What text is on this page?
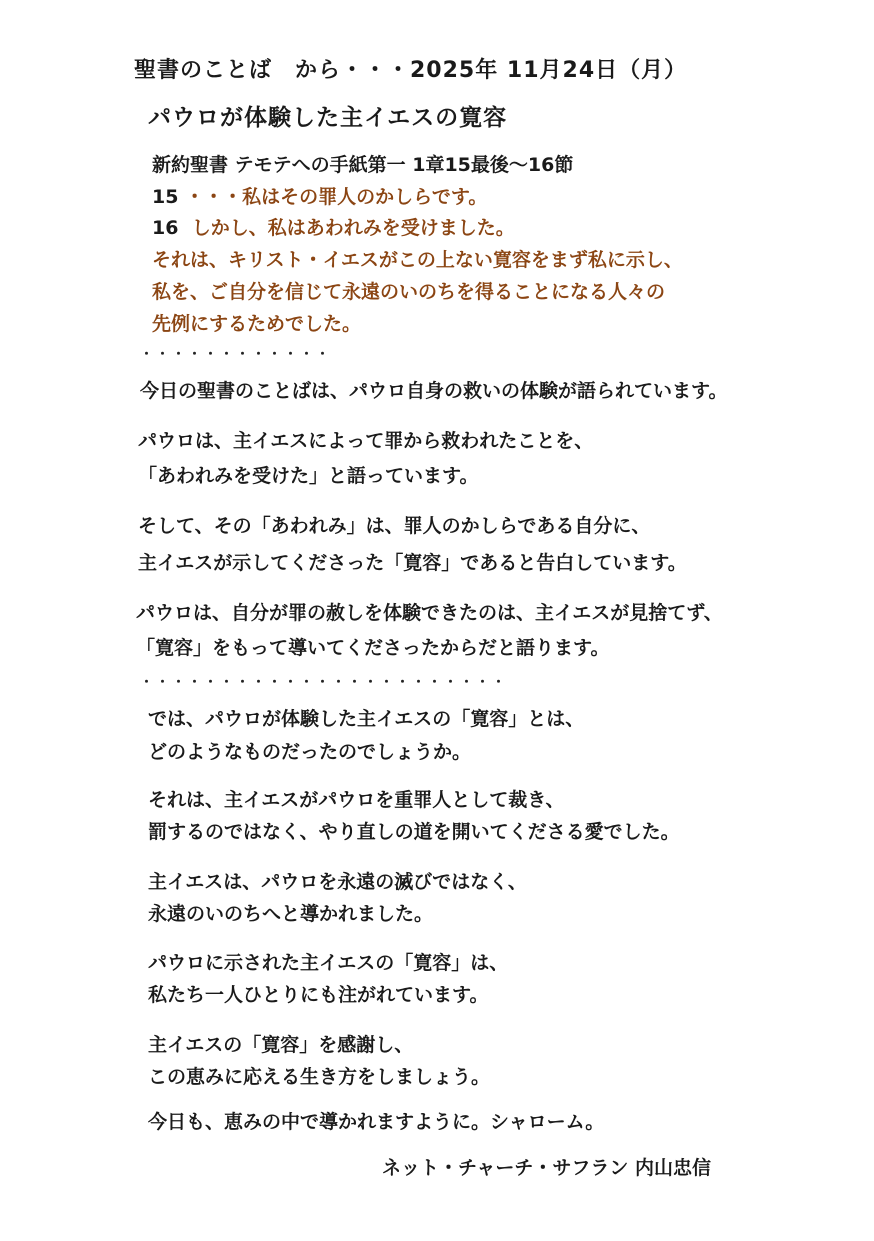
聖書のことば　から・・・2025年 11月24日（月）
パウロが体験した主イエスの寛容
新約聖書 テモテへの手紙第一 1章15最後～16節
15 ・・・私はその罪人のかしらです。
16 しかし、私はあわれみを受けました。
それは、キリスト・イエスがこの上ない寛容をまず私に示し、
私を、ご自分を信じて永遠のいのちを得ることになる人々の
先例にするためでした。
・・・・・・・・・・・・
今日の聖書のことばは、パウロ自身の救いの体験が語られています。
パウロは、主イエスによって罪から救われたことを、
「あわれみを受けた」と語っています。
そして、その「あわれみ」は、罪人のかしらである自分に、
主イエスが示してくださった「寛容」であると告白しています。
パウロは、自分が罪の赦しを体験できたのは、主イエスが見捨てず、
「寛容」をもって導いてくださったからだと語ります。
・・・・・・・・・・・・・・・・・・・・・・・
では、パウロが体験した主イエスの「寛容」とは、
どのようなものだったのでしょうか。
それは、主イエスがパウロを重罪人として裁き、
罰するのではなく、やり直しの道を開いてくださる愛でした。
主イエスは、パウロを永遠の滅びではなく、
永遠のいのちへと導かれました。
パウロに示された主イエスの「寛容」は、
私たち一人ひとりにも注がれています。
主イエスの「寛容」を感謝し、
この恵みに応える生き方をしましょう。
今日も、恵みの中で導かれますように。シャローム。
ネット・チャーチ・サフラン 内山忠信
